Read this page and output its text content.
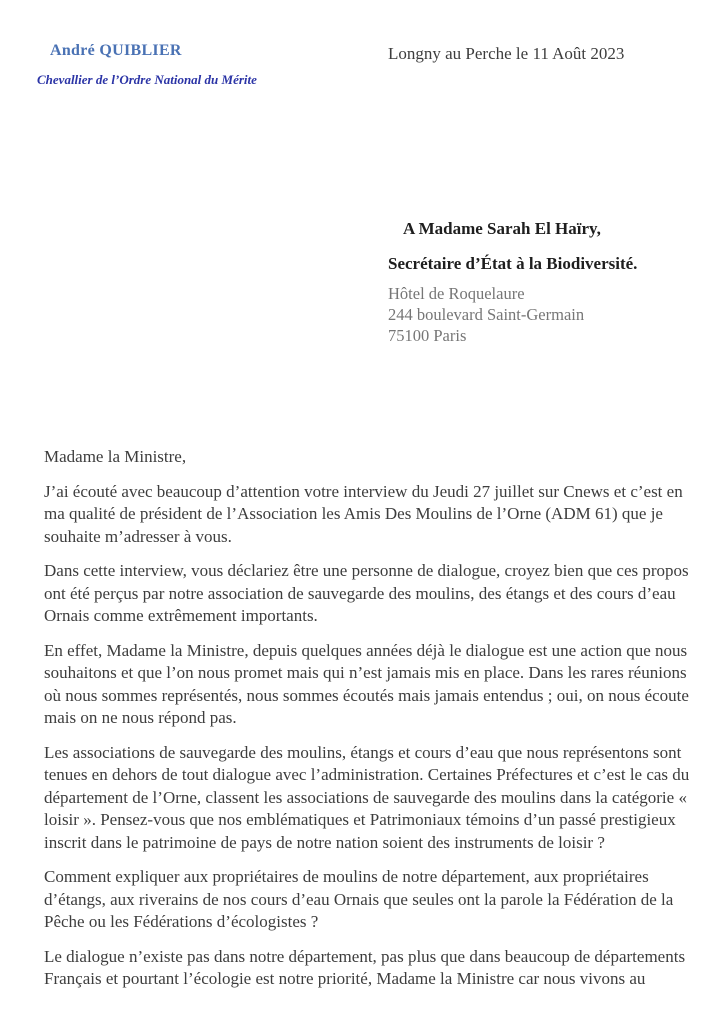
André QUIBLIER
Chevallier de l’Ordre National du Mérite
Longny au Perche le 11 Août 2023
A Madame Sarah El Haïry,
Secrétaire d’État à la Biodiversité.
Hôtel de Roquelaure
244 boulevard Saint-Germain
75100 Paris

Madame la Ministre,

J’ai écouté avec beaucoup d’attention votre interview du Jeudi 27 juillet sur Cnews et c’est en ma qualité de président de l’Association les Amis Des Moulins de l’Orne (ADM 61) que je souhaite m’adresser à vous.

Dans cette interview, vous déclariez être une personne de dialogue, croyez bien que ces propos ont été perçus par notre association de sauvegarde des moulins, des étangs et des cours d’eau Ornais comme extrêmement importants.

En effet, Madame la Ministre, depuis quelques années déjà le dialogue est une action que nous souhaitons et que l’on nous promet mais qui n’est jamais mis en place. Dans les rares réunions où nous sommes représentés, nous sommes écoutés mais jamais entendus ; oui, on nous écoute mais on ne nous répond pas.

Les associations de sauvegarde des moulins, étangs et cours d’eau que nous représentons sont tenues en dehors de tout dialogue avec l’administration. Certaines Préfectures et c’est le cas du département de l’Orne, classent les associations de sauvegarde des moulins dans la catégorie « loisir ». Pensez-vous que nos emblématiques et Patrimoniaux témoins d’un passé prestigieux inscrit dans le patrimoine de pays de notre nation soient des instruments de loisir ?

Comment expliquer aux propriétaires de moulins de notre département, aux propriétaires d’étangs, aux riverains de nos cours d’eau Ornais que seules ont la parole la Fédération de la Pêche ou les Fédérations d’écologistes ?

Le dialogue n’existe pas dans notre département, pas plus que dans beaucoup de départements Français et pourtant l’écologie est notre priorité, Madame la Ministre car nous vivons au
